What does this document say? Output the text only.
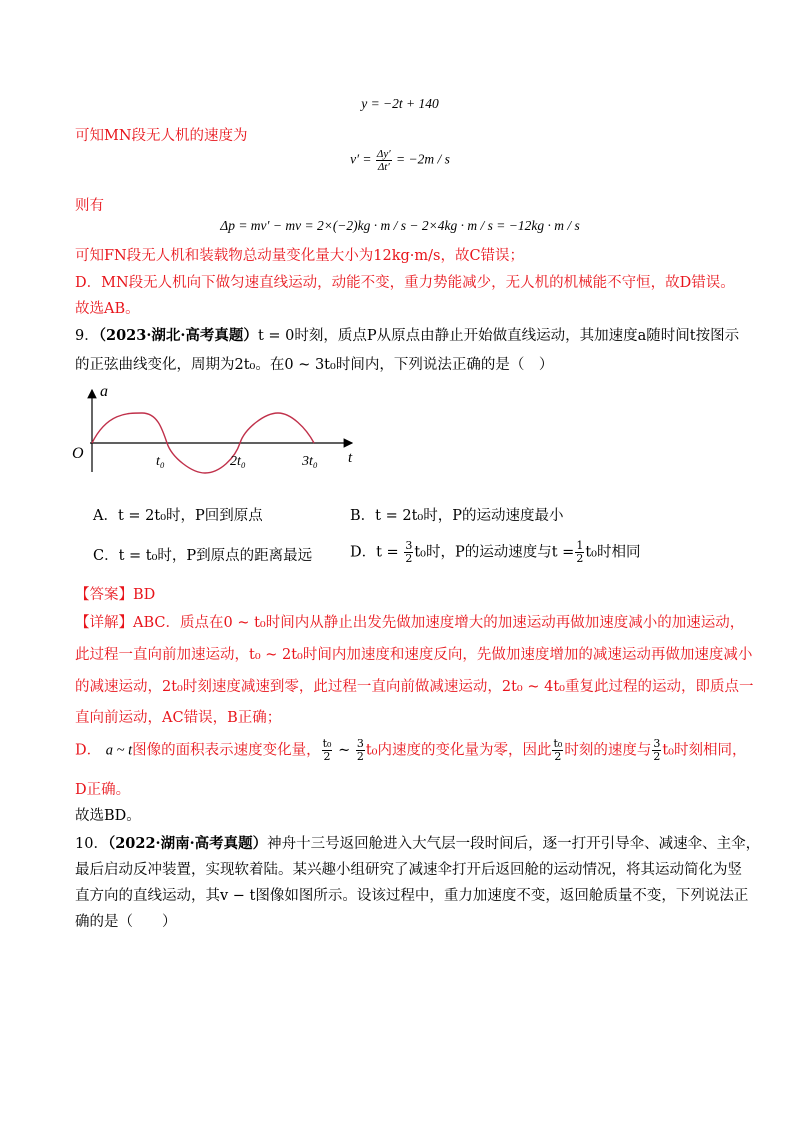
y = −2t + 140
可知MN段无人机的速度为
$v' = \frac{\Delta y'}{\Delta t'} = -2m / s$
则有
Δp = mv′ − mv = 2×(−2)kg · m / s − 2×4kg · m / s = −12kg · m / s
可知FN段无人机和装载物总动量变化量大小为12kg·m/s，故C错误；
D．MN段无人机向下做匀速直线运动，动能不变，重力势能减少，无人机的机械能不守恒，故D错误。
故选AB。
9．（2023·湖北·高考真题）t = 0时刻，质点P从原点由静止开始做直线运动，其加速度a随时间t按图示
的正弦曲线变化，周期为2t₀。在0 ~ 3t₀时间内，下列说法正确的是（　）
a
t
O	t₀	2t₀	3t₀
A．t = 2t₀时，P回到原点	B．t = 2t₀时，P的运动速度最小
C．t = t₀时，P到原点的距离最远	D．$t = \frac{3}{2} t_0$时，P的运动速度与$t = \frac{1}{2} t_0$时相同
【答案】BD
【详解】ABC．质点在0 ~ t₀时间内从静止出发先做加速度增大的加速运动再做加速度减小的加速运动，
此过程一直向前加速运动，t₀ ~ 2t₀时间内加速度和速度反向，先做加速度增加的减速运动再做加速度减小
的减速运动，2t₀时刻速度减速到零，此过程一直向前做减速运动，2t₀ ~ 4t₀重复此过程的运动，即质点一
直向前运动，AC错误，B正确；
D． a ~ t图像的面积表示速度变化量， $\frac{\text{t₀}}{2}$ ~ $\frac{3}{2} t_0$内速度的变化量为零，因此 $\frac{\text{t₀}}{2}$ 时刻的速度与 $\frac{3}{2} t_0$时刻相同，
D正确。
故选BD。
10．（2022·湖南·高考真题）神舟十三号返回舱进入大气层一段时间后，逐一打开引导伞、减速伞、主伞，
最后启动反冲装置，实现软着陆。某兴趣小组研究了减速伞打开后返回舱的运动情况，将其运动简化为竖
直方向的直线运动，其v − t图像如图所示。设该过程中，重力加速度不变，返回舱质量不变，下列说法正
确的是（　　）
